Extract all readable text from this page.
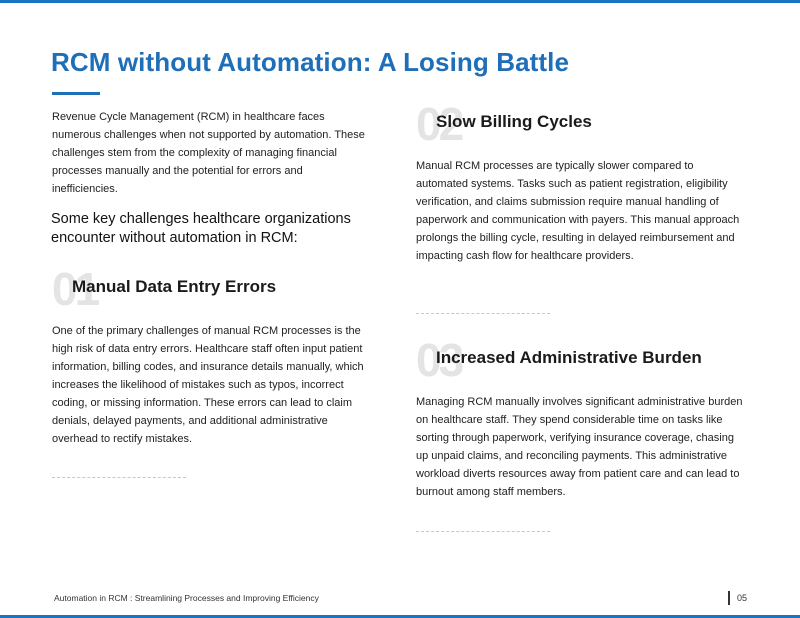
RCM without Automation: A Losing Battle

Revenue Cycle Management (RCM) in healthcare faces numerous challenges when not supported by automation. These challenges stem from the complexity of managing financial processes manually and the potential for errors and inefficiencies.

Some key challenges healthcare organizations encounter without automation in RCM:

01
Manual Data Entry Errors

One of the primary challenges of manual RCM processes is the high risk of data entry errors. Healthcare staff often input patient information, billing codes, and insurance details manually, which increases the likelihood of mistakes such as typos, incorrect coding, or missing information. These errors can lead to claim denials, delayed payments, and additional administrative overhead to rectify mistakes.

02
Slow Billing Cycles

Manual RCM processes are typically slower compared to automated systems. Tasks such as patient registration, eligibility verification, and claims submission require manual handling of paperwork and communication with payers. This manual approach prolongs the billing cycle, resulting in delayed reimbursement and impacting cash flow for healthcare providers.

03
Increased Administrative Burden

Managing RCM manually involves significant administrative burden on healthcare staff. They spend considerable time on tasks like sorting through paperwork, verifying insurance coverage, chasing up unpaid claims, and reconciling payments. This administrative workload diverts resources away from patient care and can lead to burnout among staff members.

Automation in RCM : Streamlining Processes and Improving Efficiency	05
